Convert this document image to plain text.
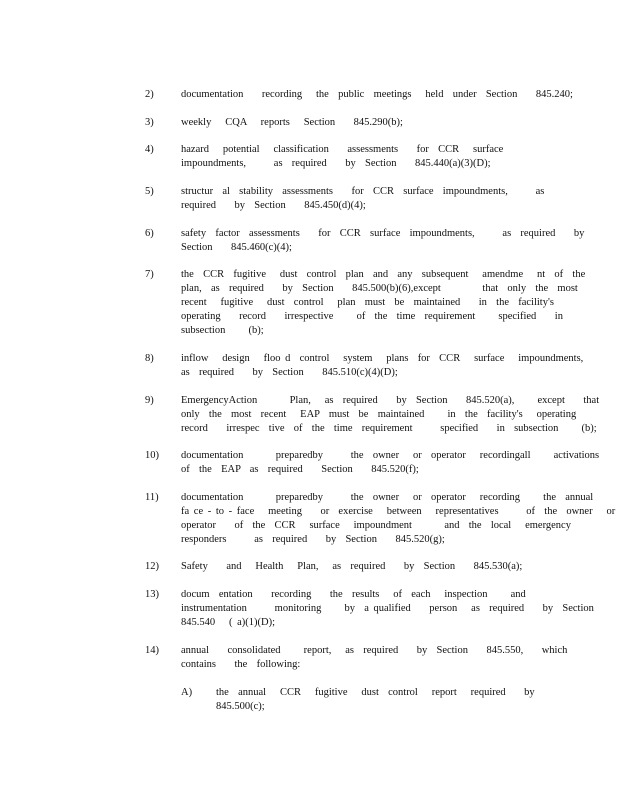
2)	documentation    recording   the  public  meetings   held  under  Section    845.240;
3)	weekly   CQA   reports   Section    845.290(b);
4)	hazard   potential   classification    assessments    for  CCR   surface
impoundments,      as  required    by  Section    845.440(a)(3)(D);
5)	structur  al  stability  assessments    for  CCR  surface  impoundments,      as
required    by  Section    845.450(d)(4);
6)	safety  factor  assessments    for  CCR  surface  impoundments,      as  required    by
Section    845.460(c)(4);
7)	the  CCR  fugitive   dust  control  plan  and  any  subsequent   amendme   nt  of  the
plan,  as  required    by  Section    845.500(b)(6),except         that  only  the  most
recent   fugitive   dust  control   plan  must  be  maintained    in  the  facility's
operating    record    irrespective     of  the  time  requirement     specified    in
subsection     (b);
8)	inflow   design   floo d  control   system   plans  for  CCR   surface   impoundments,
as  required    by  Section    845.510(c)(4)(D);
9)	EmergencyAction       Plan,   as  required    by  Section    845.520(a),     except    that
only  the  most  recent   EAP  must  be  maintained     in  the  facility's   operating
record    irrespec  tive  of  the  time  requirement      specified    in  subsection     (b);
10) documentation       preparedby      the  owner   or  operator   recordingall     activations
of  the  EAP  as  required    Section    845.520(f);
11) documentation       preparedby      the  owner   or  operator   recording     the  annual
fa ce - to - face   meeting    or  exercise   between   representatives      of  the  owner   or
operator    of  the  CCR   surface   impoundment       and  the  local   emergency
responders      as  required    by  Section    845.520(g);
12) Safety    and   Health   Plan,   as  required    by  Section    845.530(a);
13) docum  entation    recording    the  results   of  each   inspection     and
instrumentation      monitoring     by  a qualified    person   as  required    by  Section
845.540   ( a)(1)(D);
14) annual    consolidated     report,   as  required    by  Section    845.550,    which
contains    the  following:
A) the  annual   CCR   fugitive   dust  control   report   required    by
845.500(c);
